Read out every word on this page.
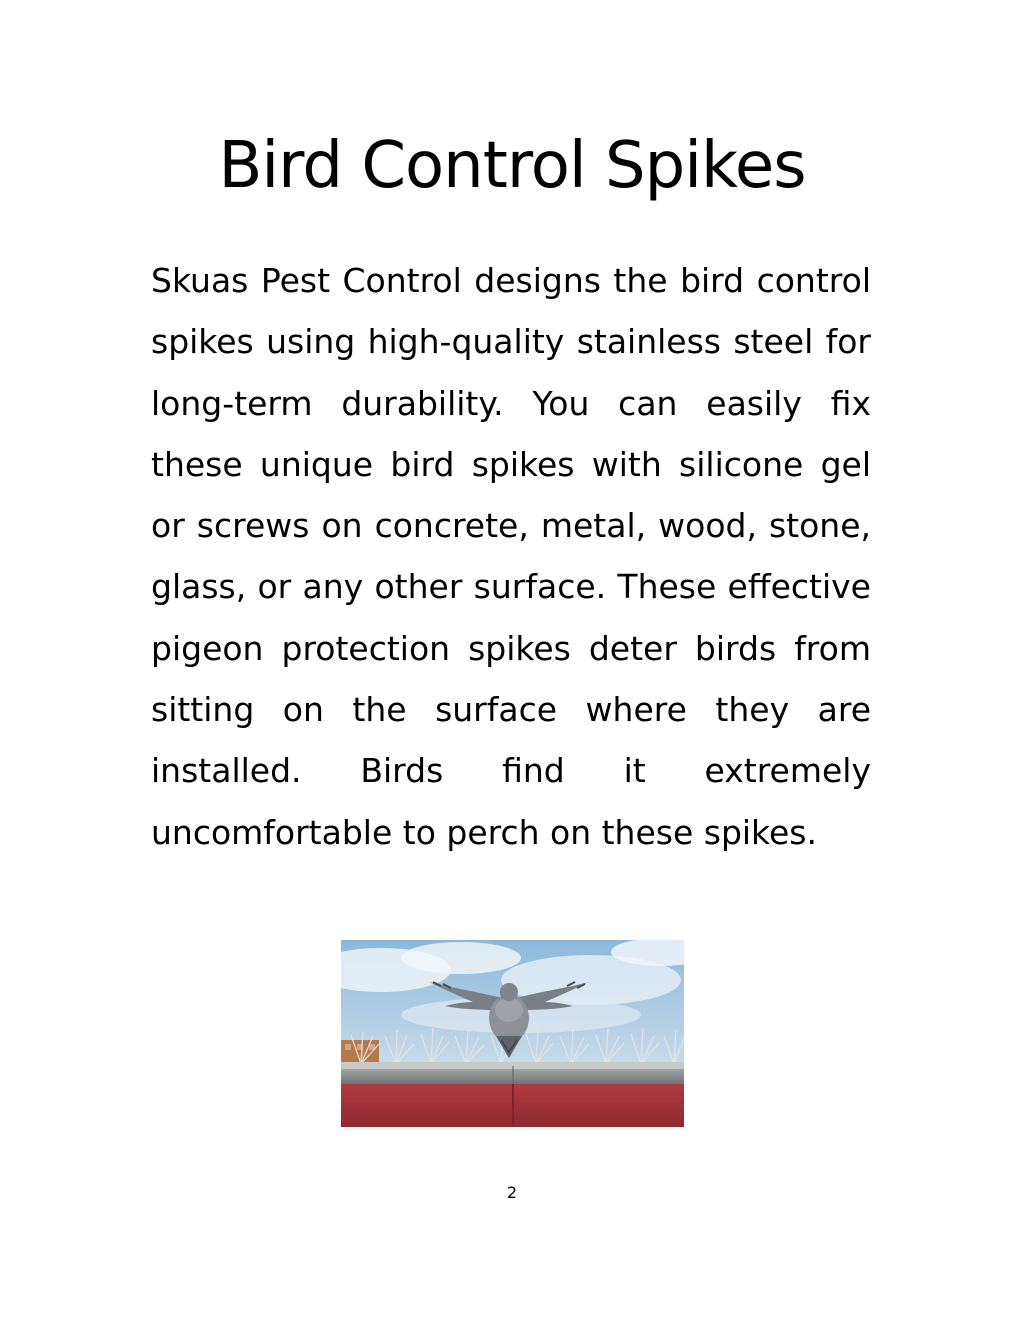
Bird Control Spikes

Skuas Pest Control designs the bird control spikes using high-quality stainless steel for long-term durability. You can easily fix these unique bird spikes with silicone gel or screws on concrete, metal, wood, stone, glass, or any other surface. These effective pigeon protection spikes deter birds from sitting on the surface where they are installed. Birds find it extremely uncomfortable to perch on these spikes.

2
